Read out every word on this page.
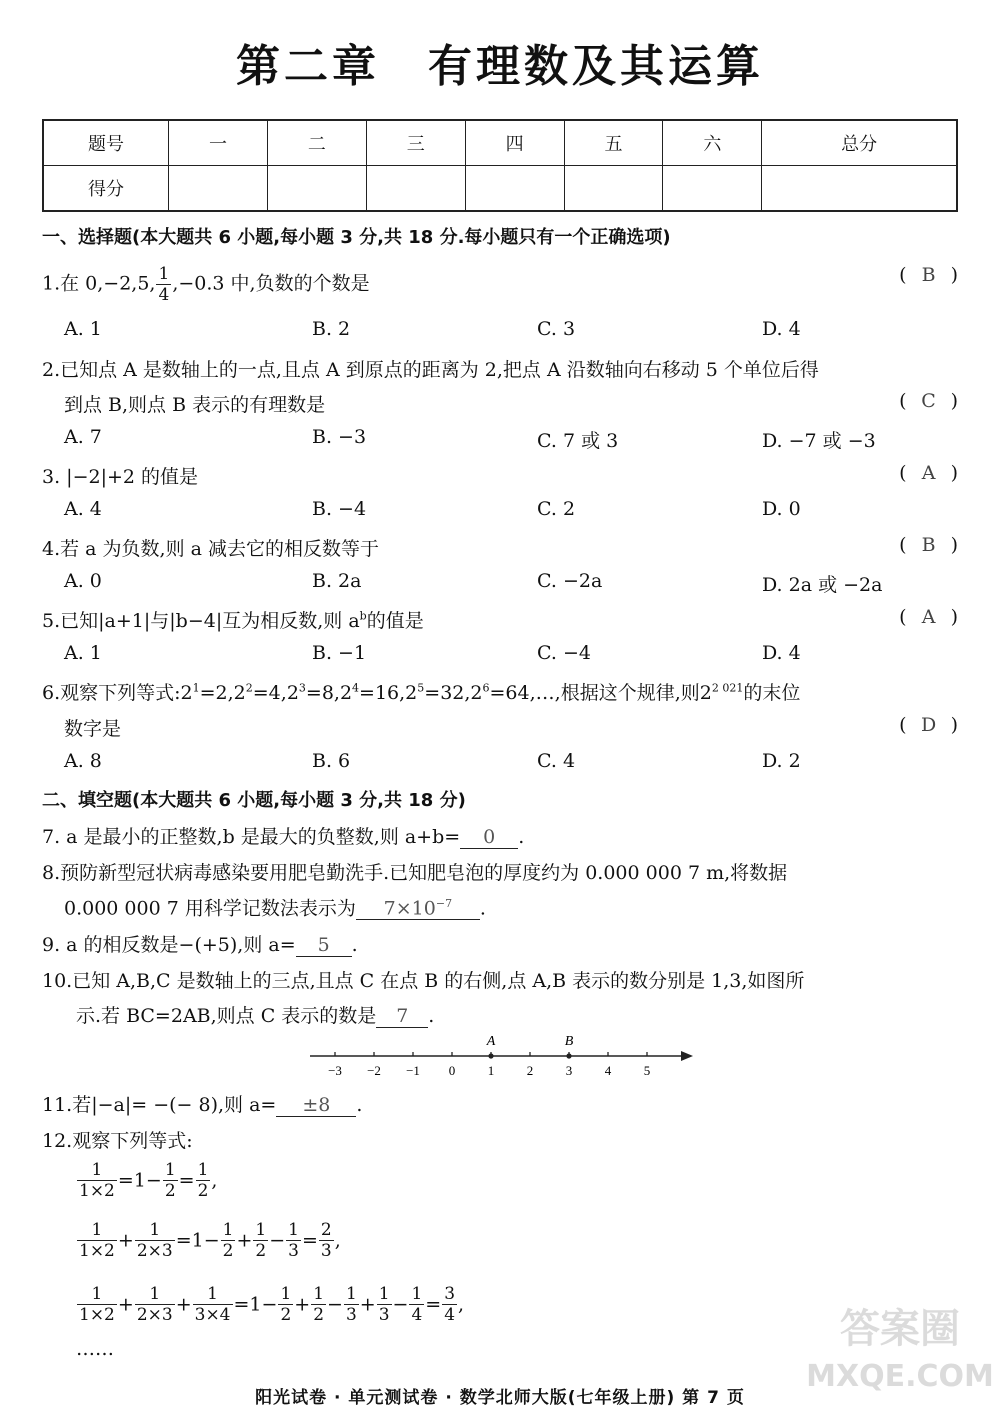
第二章 有理数及其运算
题号	一	二	三	四	五	六	总分
得分							
一、选择题(本大题共 6 小题,每小题 3 分,共 18 分.每小题只有一个正确选项)
1.在 0,−2,5, $\frac{1}{4} ,-0.3$ 中,负数的个数是	( B )
A. 1	B. 2	C. 3	D. 4
2.已知点 A 是数轴上的一点,且点 A 到原点的距离为 2,把点 A 沿数轴向右移动 5 个单位后得
到点 B,则点 B 表示的有理数是	( C )
A. 7	B. −3	C. 7 或 3	D. −7 或 −3
3. |−2|+2 的值是	( A )
A. 4	B. −4	C. 2	D. 0
4.若 a 为负数,则 a 减去它的相反数等于	( B )
A. 0	B. 2a	C. −2a	D. 2a 或 −2a
5.已知|a+1|与|b−4|互为相反数,则 $a^b$的值是	( A )
A. 1	B. −1	C. −4	D. 4
6.观察下列等式$:2^1=2,2^2=4,2^3=8,2^4=16,2^5=32,2^6=64,\dots$,根据这个规律,则$2^{2 021}$的末位
数字是	( D )
A. 8	B. 6	C. 4	D. 2
二、填空题(本大题共 6 小题,每小题 3 分,共 18 分)
7. a 是最小的正整数,b 是最大的负整数,则 a+b= 0 .
8.预防新型冠状病毒感染要用肥皂勤洗手.已知肥皂泡的厚度约为 0.000 000 7 m,将数据
0.000 000 7 用科学记数法表示为 $7\times 10^{-7}$ .
9. a 的相反数是−(+5),则 a= 5 .
10.已知 A,B,C 是数轴上的三点,且点 C 在点 B 的右侧,点 A,B 表示的数分别是 1,3,如图所
示.若 BC=2AB,则点 C 表示的数是 7 .
−3 −2 −1 0	1	2	3	4	5
A	B
11.若|−a|= −(− 8),则 a= ±8 .
12.观察下列等式:
$\frac{1}{1\times 2} =1- \frac{1}{2} = \frac{1}{2}$ ,
$\frac{1}{1\times 2} + \frac{1}{2\times 3} =1- \frac{1}{2} + \frac{1}{2} - \frac{1}{3} = \frac{2}{3}$ ,
$\frac{1}{1\times 2} + \frac{1}{2\times 3} + \frac{1}{3\times 4} =1- \frac{1}{2} + \frac{1}{2} - \frac{1}{3} + \frac{1}{3} - \frac{1}{4} = \frac{3}{4}$ ,
……	答案圈
MXQE.COM
阳光试卷 · 单元测试卷 · 数学北师大版(七年级上册) 第 7 页
